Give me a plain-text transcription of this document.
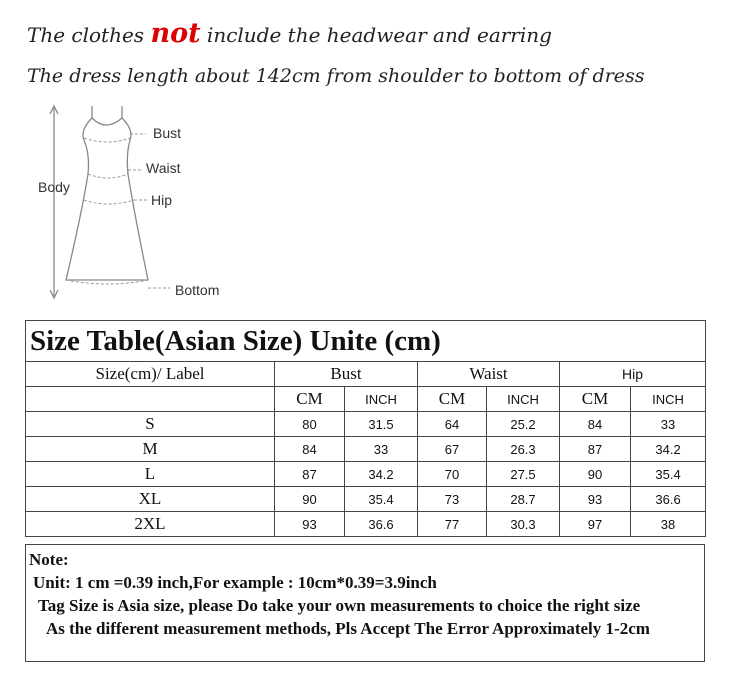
The clothes not include the headwear and earring
The dress length about 142cm from shoulder to bottom of dress
Bust
Waist
Hip
Body
Bottom
Size Table(Asian Size) Unite (cm)						
Size(cm)/ Label	Bust		Waist		Hip	
	CM	INCH	CM	INCH	CM	INCH
S	80	31.5	64	25.2	84	33
M	84	33	67	26.3	87	34.2
L	87	34.2	70	27.5	90	35.4
XL	90	35.4	73	28.7	93	36.6
2XL	93	36.6	77	30.3	97	38
Note:
Unit: 1 cm =0.39 inch,For example : 10cm*0.39=3.9inch
Tag Size is Asia size, please Do take your own measurements to choice the right size
As the different measurement methods, Pls Accept The Error Approximately 1-2cm
